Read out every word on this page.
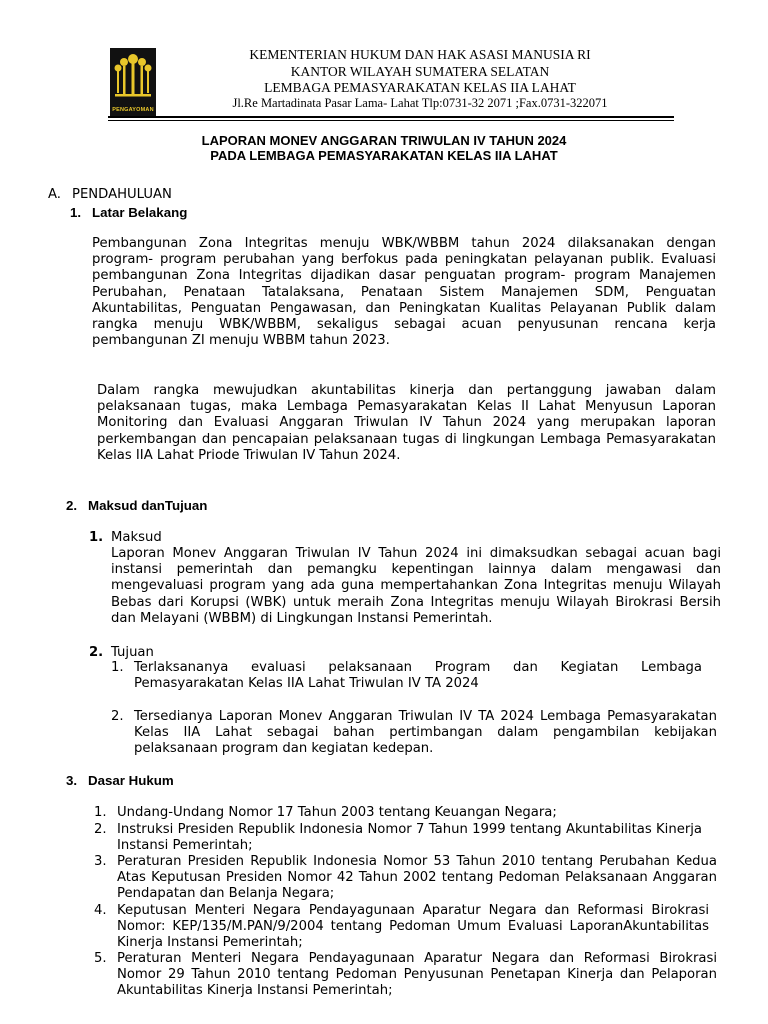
PENGAYOMAN
KEMENTERIAN HUKUM DAN HAK ASASI MANUSIA RI
KANTOR WILAYAH SUMATERA SELATAN
LEMBAGA PEMASYARAKATAN KELAS IIA LAHAT
Jl.Re Martadinata Pasar Lama- Lahat Tlp:0731-32 2071 ;Fax.0731-322071
LAPORAN MONEV ANGGARAN TRIWULAN IV TAHUN 2024
PADA LEMBAGA PEMASYARAKATAN KELAS IIA LAHAT
A. PENDAHULUAN
1. Latar Belakang
Pembangunan Zona Integritas menuju WBK/WBBM tahun 2024 dilaksanakan dengan program- program perubahan yang berfokus pada peningkatan pelayanan publik. Evaluasi pembangunan Zona Integritas dijadikan dasar penguatan program- program Manajemen Perubahan, Penataan Tatalaksana, Penataan Sistem Manajemen SDM, Penguatan Akuntabilitas, Penguatan Pengawasan, dan Peningkatan Kualitas Pelayanan Publik dalam rangka menuju WBK/WBBM, sekaligus sebagai acuan penyusunan rencana kerja pembangunan ZI menuju WBBM tahun 2023.
Dalam rangka mewujudkan akuntabilitas kinerja dan pertanggung jawaban dalam pelaksanaan tugas, maka Lembaga Pemasyarakatan Kelas II Lahat Menyusun Laporan Monitoring dan Evaluasi Anggaran Triwulan IV Tahun 2024 yang merupakan laporan perkembangan dan pencapaian pelaksanaan tugas di lingkungan Lembaga Pemasyarakatan Kelas IIA Lahat Priode Triwulan IV Tahun 2024.
2. Maksud danTujuan
1. Maksud
Laporan Monev Anggaran Triwulan IV Tahun 2024 ini dimaksudkan sebagai acuan bagi instansi pemerintah dan pemangku kepentingan lainnya dalam mengawasi dan mengevaluasi program yang ada guna mempertahankan Zona Integritas menuju Wilayah Bebas dari Korupsi (WBK) untuk meraih Zona Integritas menuju Wilayah Birokrasi Bersih dan Melayani (WBBM) di Lingkungan Instansi Pemerintah.
2. Tujuan
1. Terlaksananya evaluasi pelaksanaan Program dan Kegiatan Lembaga Pemasyarakatan Kelas IIA Lahat Triwulan IV TA 2024
2. Tersedianya Laporan Monev Anggaran Triwulan IV TA 2024 Lembaga Pemasyarakatan Kelas IIA Lahat sebagai bahan pertimbangan dalam pengambilan kebijakan pelaksanaan program dan kegiatan kedepan.
3. Dasar Hukum
1. Undang-Undang Nomor 17 Tahun 2003 tentang Keuangan Negara;
2. Instruksi Presiden Republik Indonesia Nomor 7 Tahun 1999 tentang Akuntabilitas Kinerja Instansi Pemerintah;
3. Peraturan Presiden Republik Indonesia Nomor 53 Tahun 2010 tentang Perubahan Kedua Atas Keputusan Presiden Nomor 42 Tahun 2002 tentang Pedoman Pelaksanaan Anggaran Pendapatan dan Belanja Negara;
4. Keputusan Menteri Negara Pendayagunaan Aparatur Negara dan Reformasi Birokrasi Nomor: KEP/135/M.PAN/9/2004 tentang Pedoman Umum Evaluasi LaporanAkuntabilitas Kinerja Instansi Pemerintah;
5. Peraturan Menteri Negara Pendayagunaan Aparatur Negara dan Reformasi Birokrasi Nomor 29 Tahun 2010 tentang Pedoman Penyusunan Penetapan Kinerja dan Pelaporan Akuntabilitas Kinerja Instansi Pemerintah;
